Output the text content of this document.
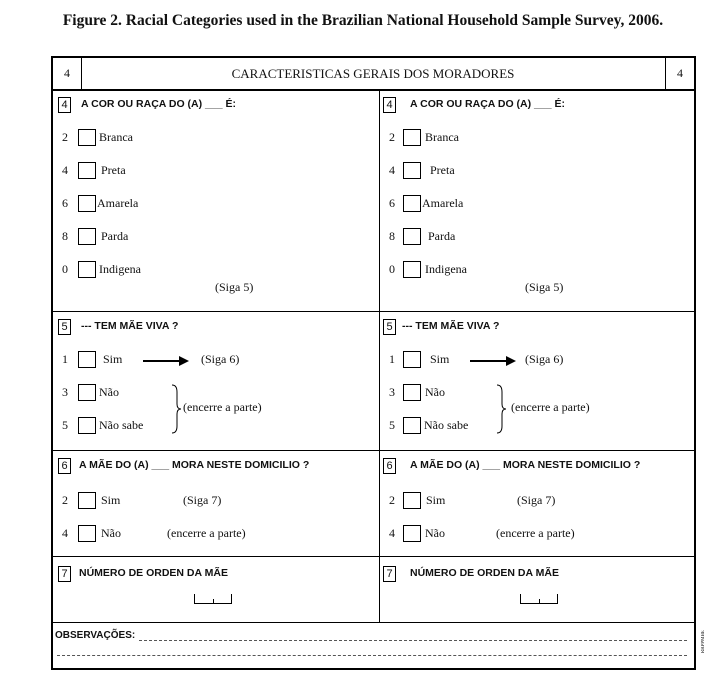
Figure 2. Racial Categories used in the Brazilian National Household Sample Survey, 2006.
4	CARACTERISTICAS GERAIS DOS MORADORES	4
4	A COR OU RAÇA DO (A) ___ É:
2	Branca
4	Preta
6 Amarela
8	Parda
0	Indigena
(Siga 5)
5	--- TEM MÃE VIVA ?
1	Sim	(Siga 6)
3	Não
5	Não sabe
(encerre a parte)
6	A MÃE DO (A) ___ MORA NESTE DOMICILIO ?
2	Sim	(Siga 7)
4	Não	(encerre a parte)
7	NÚMERO DE ORDEN DA MÃE
4	A COR OU RAÇA DO (A) ___ É:
2	Branca
4	Preta
6 Amarela
8	Parda
0	Indigena
(Siga 5)
5 --- TEM MÃE VIVA ?
1	Sim	(Siga 6)
3	Não
5 Não sabe
(encerre a parte)
6	A MÃE DO (A) ___ MORA NESTE DOMICILIO ?
2	Sim	(Siga 7)
4	Não	(encerre a parte)
7	NÚMERO DE ORDEN DA MÃE
OBSERVAÇÕES:	RRPPMBE
